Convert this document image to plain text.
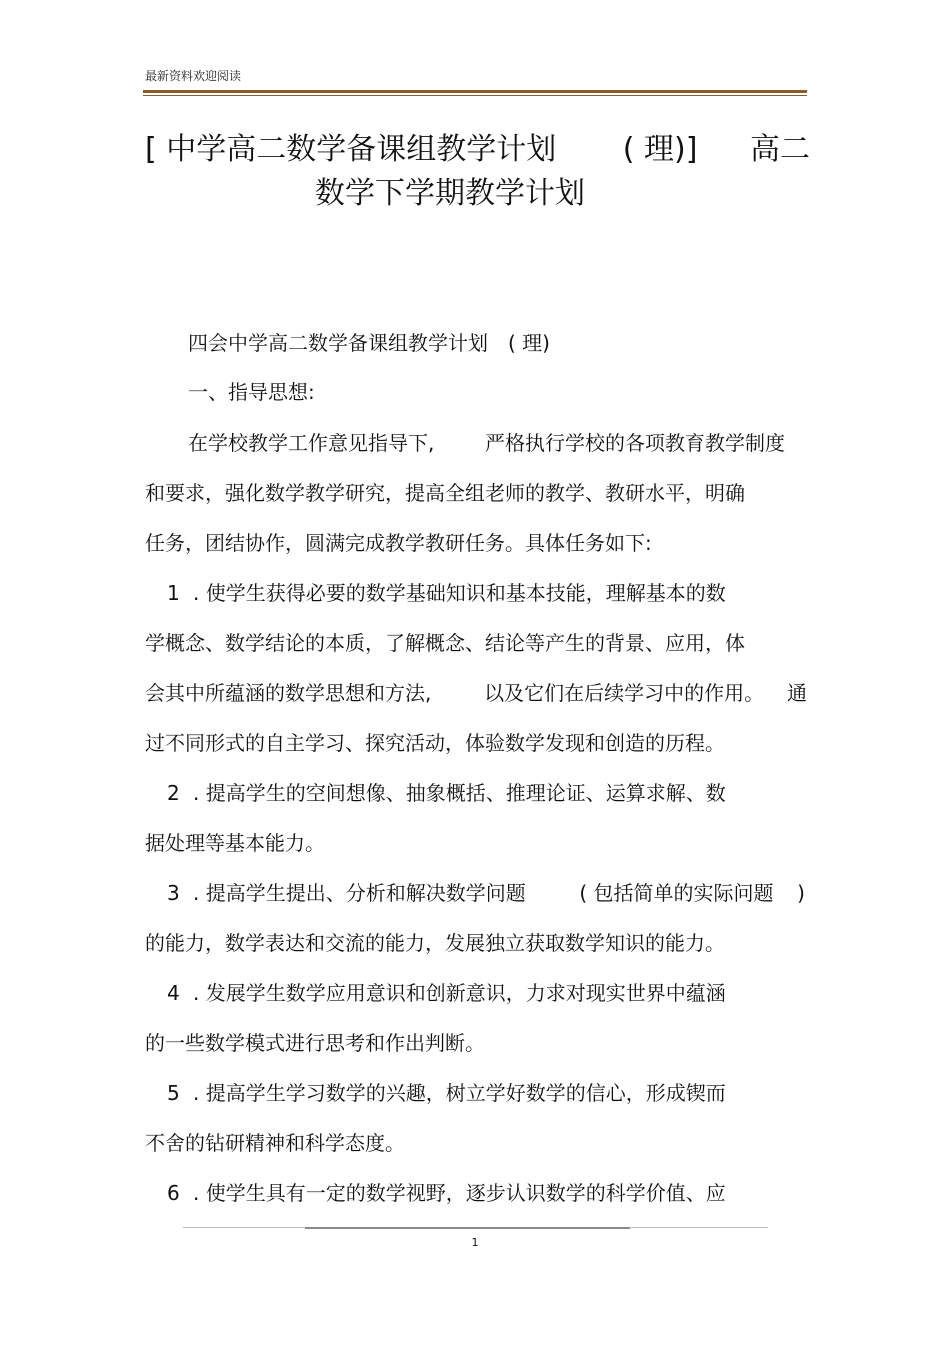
最新资料欢迎阅读
[ 中学高二数学备课组教学计划 ( 理)] 高二
数学下学期教学计划
四会中学高二数学备课组教学计划　( 理)
一、指导思想:
在学校教学工作意见指导下,	严格执行学校的各项教育教学制度
和要求，强化数学教学研究，提高全组老师的教学、教研水平，明确
任务，团结协作，圆满完成教学教研任务。具体任务如下:
1 . 使学生获得必要的数学基础知识和基本技能，理解基本的数
学概念、数学结论的本质，了解概念、结论等产生的背景、应用，体
会其中所蕴涵的数学思想和方法,	以及它们在后续学习中的作用。 通
过不同形式的自主学习、探究活动，体验数学发现和创造的历程。
2 . 提高学生的空间想像、抽象概括、推理论证、运算求解、数
据处理等基本能力。
3 . 提高学生提出、分析和解决数学问题	( 包括简单的实际问题 )
的能力，数学表达和交流的能力，发展独立获取数学知识的能力。
4 . 发展学生数学应用意识和创新意识，力求对现实世界中蕴涵
的一些数学模式进行思考和作出判断。
5 . 提高学生学习数学的兴趣，树立学好数学的信心，形成锲而
不舍的钻研精神和科学态度。
6 . 使学生具有一定的数学视野，逐步认识数学的科学价值、应
1
